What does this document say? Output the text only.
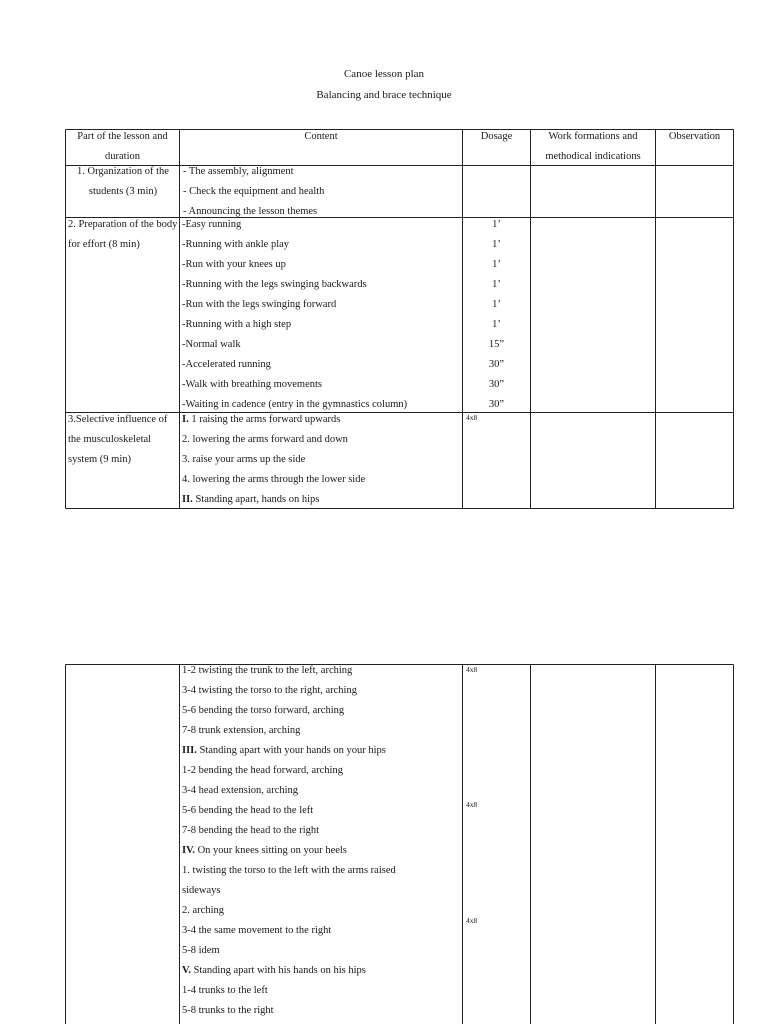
Canoe lesson plan
Balancing and brace technique
Part of the lesson and duration
Content	Dosage	Work formations and methodical indications
Observation
1. Organization of the students (3 min)
- The assembly, alignment
- Check the equipment and health
- Announcing the lesson themes
2. Preparation of the body for effort (8 min)
-Easy running
-Running with ankle play
-Run with your knees up
-Running with the legs swinging backwards
-Run with the legs swinging forward
-Running with a high step
-Normal walk
-Accelerated running
-Walk with breathing movements
-Waiting in cadence (entry in the gymnastics column)
1’
1’
1’
1’
1’
1’
15”
30”
30”
30”
3.Selective influence of the musculoskeletal system (9 min)
I. 1 raising the arms forward upwards
2. lowering the arms forward and down
3. raise your arms up the side
4. lowering the arms through the lower side
II. Standing apart, hands on hips
4x8
1-2 twisting the trunk to the left, arching
3-4 twisting the torso to the right, arching
5-6 bending the torso forward, arching
7-8 trunk extension, arching
III. Standing apart with your hands on your hips
1-2 bending the head forward, arching
3-4 head extension, arching
5-6 bending the head to the left
7-8 bending the head to the right
IV. On your knees sitting on your heels
1. twisting the torso to the left with the arms raised
sideways
2. arching
3-4 the same movement to the right
5-8 idem
V. Standing apart with his hands on his hips
1-4 trunks to the left
5-8 trunks to the right
4x8
4x8
4x8
